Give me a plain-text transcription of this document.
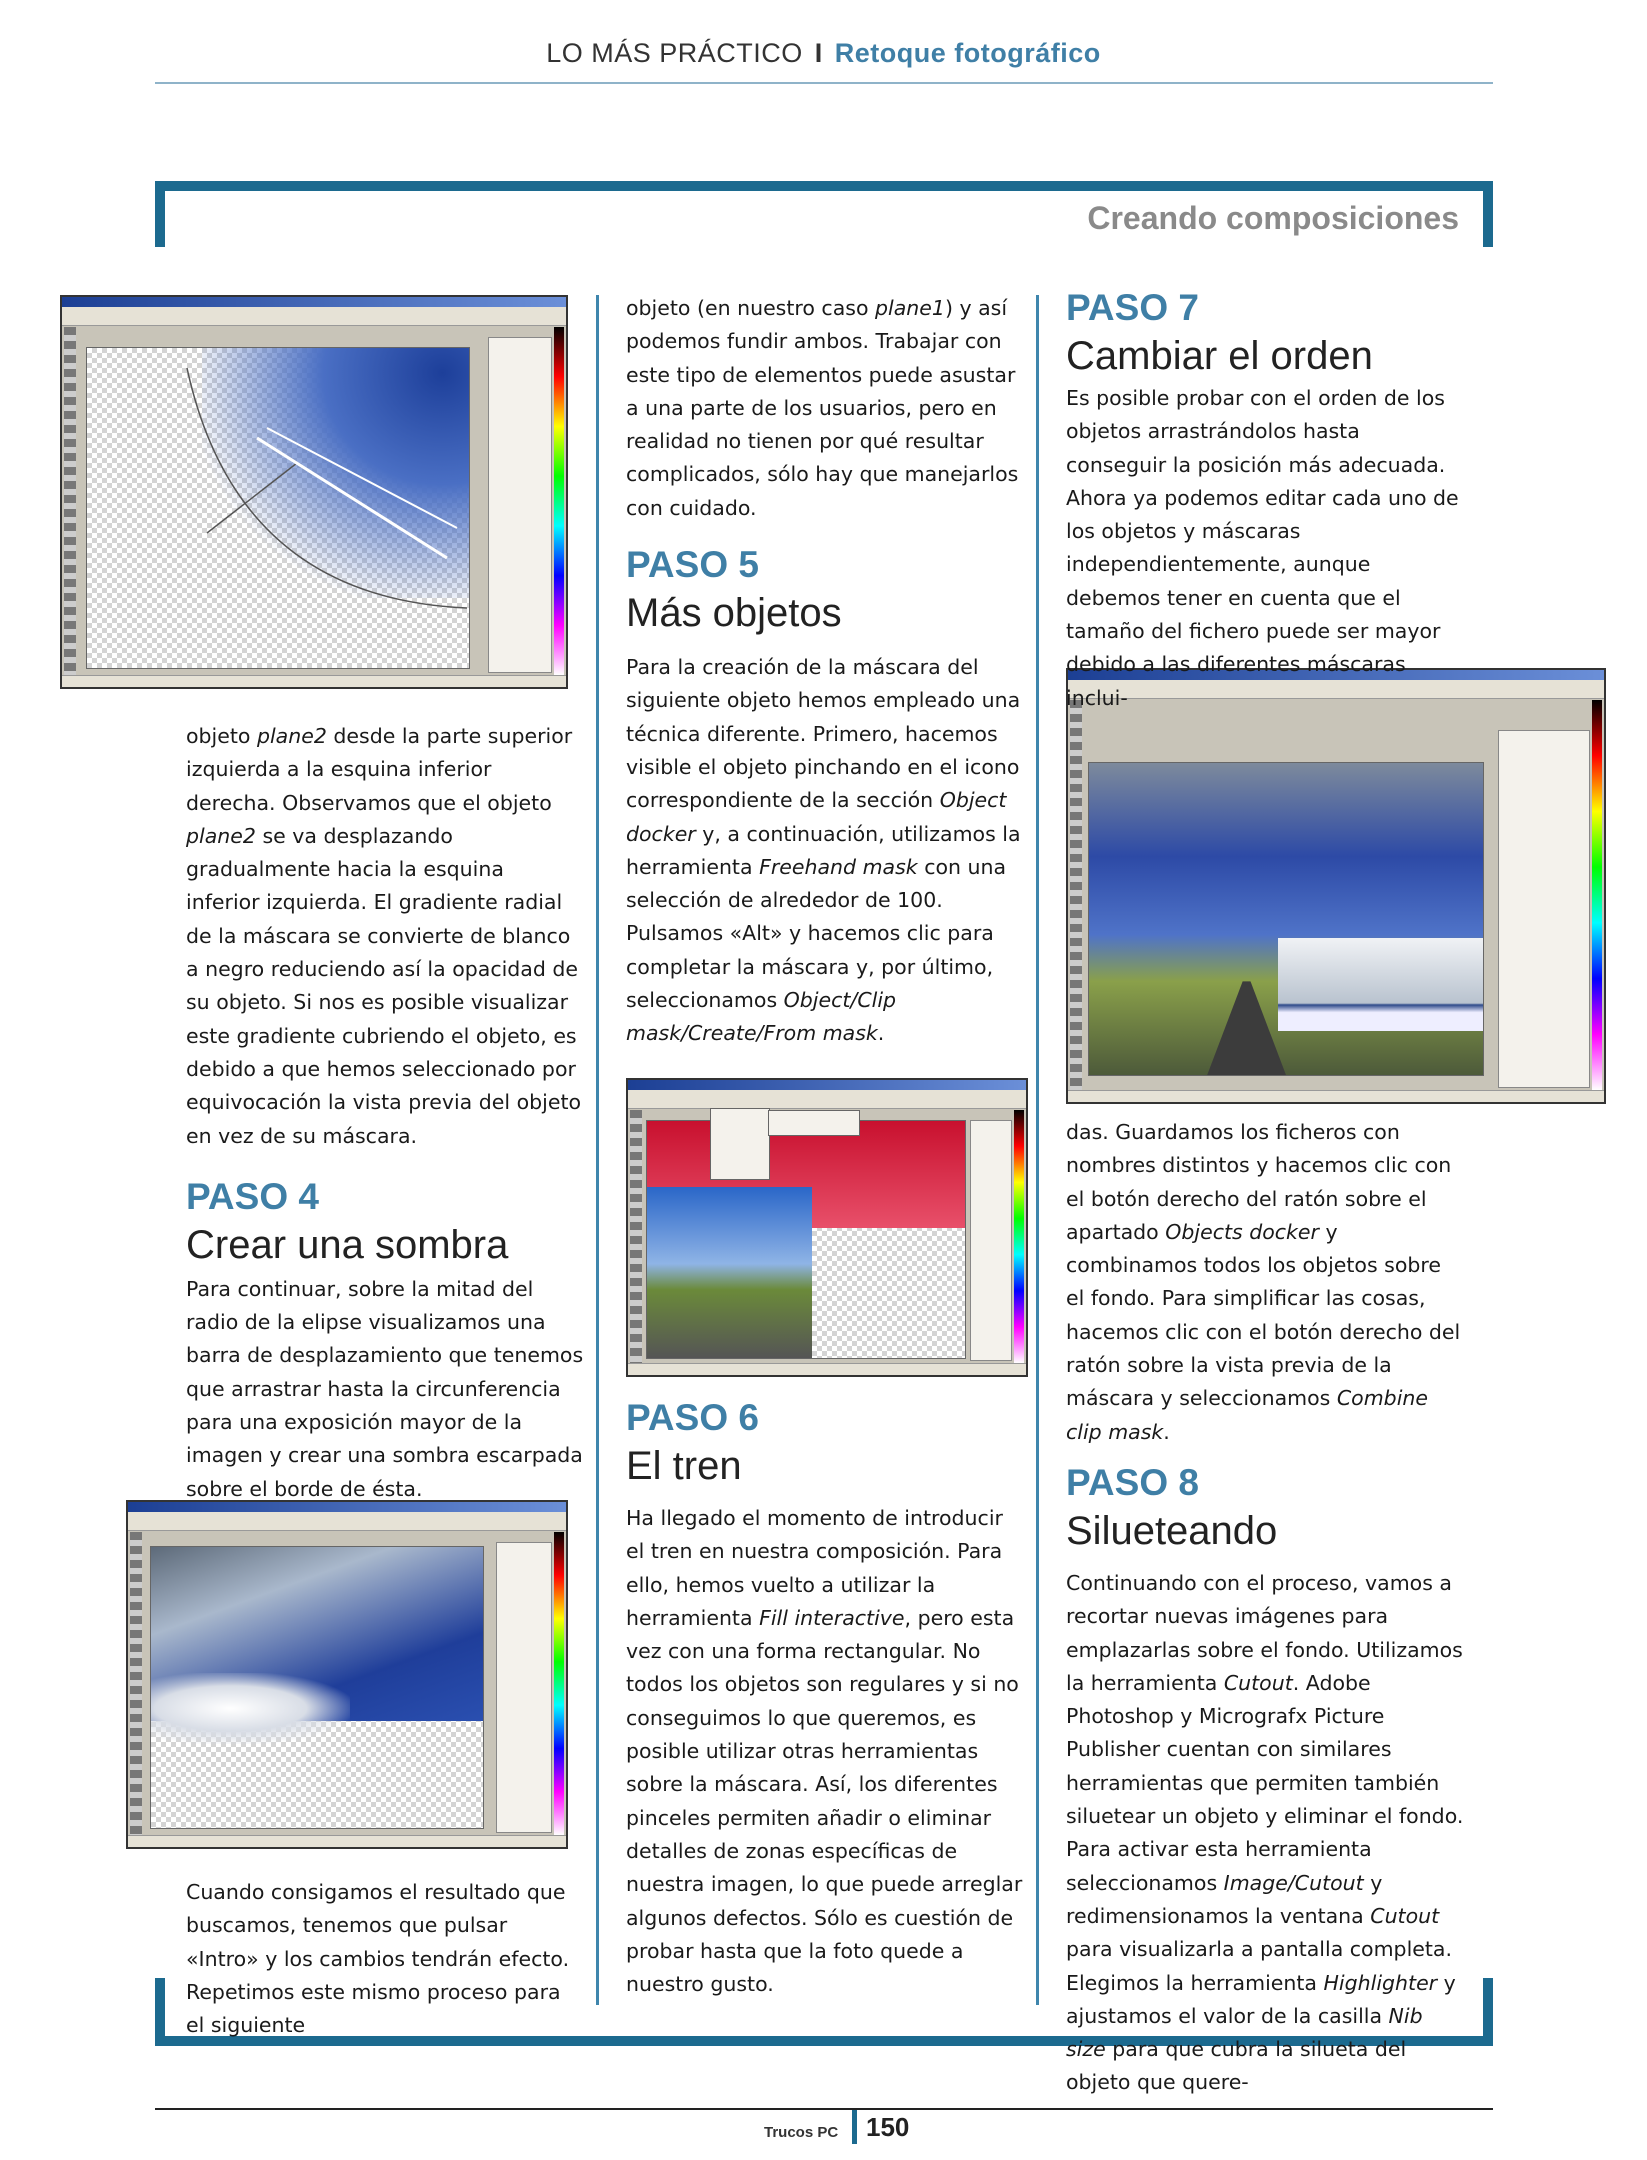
LO MÁS PRÁCTICO I Retoque fotográfico
Creando composiciones

objeto plane2 desde la parte superior izquierda a la esquina inferior derecha. Observamos que el objeto plane2 se va desplazando gradualmente hacia la esquina inferior izquierda. El gradiente radial de la máscara se convierte de blanco a negro reduciendo así la opacidad de su objeto. Si nos es posible visualizar este gradiente cubriendo el objeto, es debido a que hemos seleccionado por equivocación la vista previa del objeto en vez de su máscara.

PASO 4
Crear una sombra

Para continuar, sobre la mitad del radio de la elipse visualizamos una barra de desplazamiento que tenemos que arrastrar hasta la circunferencia para una exposición mayor de la imagen y crear una sombra escarpada sobre el borde de ésta.

Cuando consigamos el resultado que buscamos, tenemos que pulsar «Intro» y los cambios tendrán efecto. Repetimos este mismo proceso para el siguiente

objeto (en nuestro caso plane1) y así podemos fundir ambos. Trabajar con este tipo de elementos puede asustar a una parte de los usuarios, pero en realidad no tienen por qué resultar complicados, sólo hay que manejarlos con cuidado.

PASO 5
Más objetos

Para la creación de la máscara del siguiente objeto hemos empleado una técnica diferente. Primero, hacemos visible el objeto pinchando en el icono correspondiente de la sección Object docker y, a continuación, utilizamos la herramienta Freehand mask con una selección de alrededor de 100. Pulsamos «Alt» y hacemos clic para completar la máscara y, por último, seleccionamos Object/Clip mask/Create/From mask.

PASO 6
El tren

Ha llegado el momento de introducir el tren en nuestra composición. Para ello, hemos vuelto a utilizar la herramienta Fill interactive, pero esta vez con una forma rectangular. No todos los objetos son regulares y si no conseguimos lo que queremos, es posible utilizar otras herramientas sobre la máscara. Así, los diferentes pinceles permiten añadir o eliminar detalles de zonas específicas de nuestra imagen, lo que puede arreglar algunos defectos. Sólo es cuestión de probar hasta que la foto quede a nuestro gusto.

PASO 7
Cambiar el orden

Es posible probar con el orden de los objetos arrastrándolos hasta conseguir la posición más adecuada. Ahora ya podemos editar cada uno de los objetos y máscaras independientemente, aunque debemos tener en cuenta que el tamaño del fichero puede ser mayor debido a las diferentes máscaras inclui-

das. Guardamos los ficheros con nombres distintos y hacemos clic con el botón derecho del ratón sobre el apartado Objects docker y combinamos todos los objetos sobre el fondo. Para simplificar las cosas, hacemos clic con el botón derecho del ratón sobre la vista previa de la máscara y seleccionamos Combine clip mask.

PASO 8
Silueteando

Continuando con el proceso, vamos a recortar nuevas imágenes para emplazarlas sobre el fondo. Utilizamos la herramienta Cutout. Adobe Photoshop y Micrografx Picture Publisher cuentan con similares herramientas que permiten también siluetear un objeto y eliminar el fondo. Para activar esta herramienta seleccionamos Image/Cutout y redimensionamos la ventana Cutout para visualizarla a pantalla completa. Elegimos la herramienta Highlighter y ajustamos el valor de la casilla Nib size para que cubra la silueta del objeto que quere-

Trucos PC 150
